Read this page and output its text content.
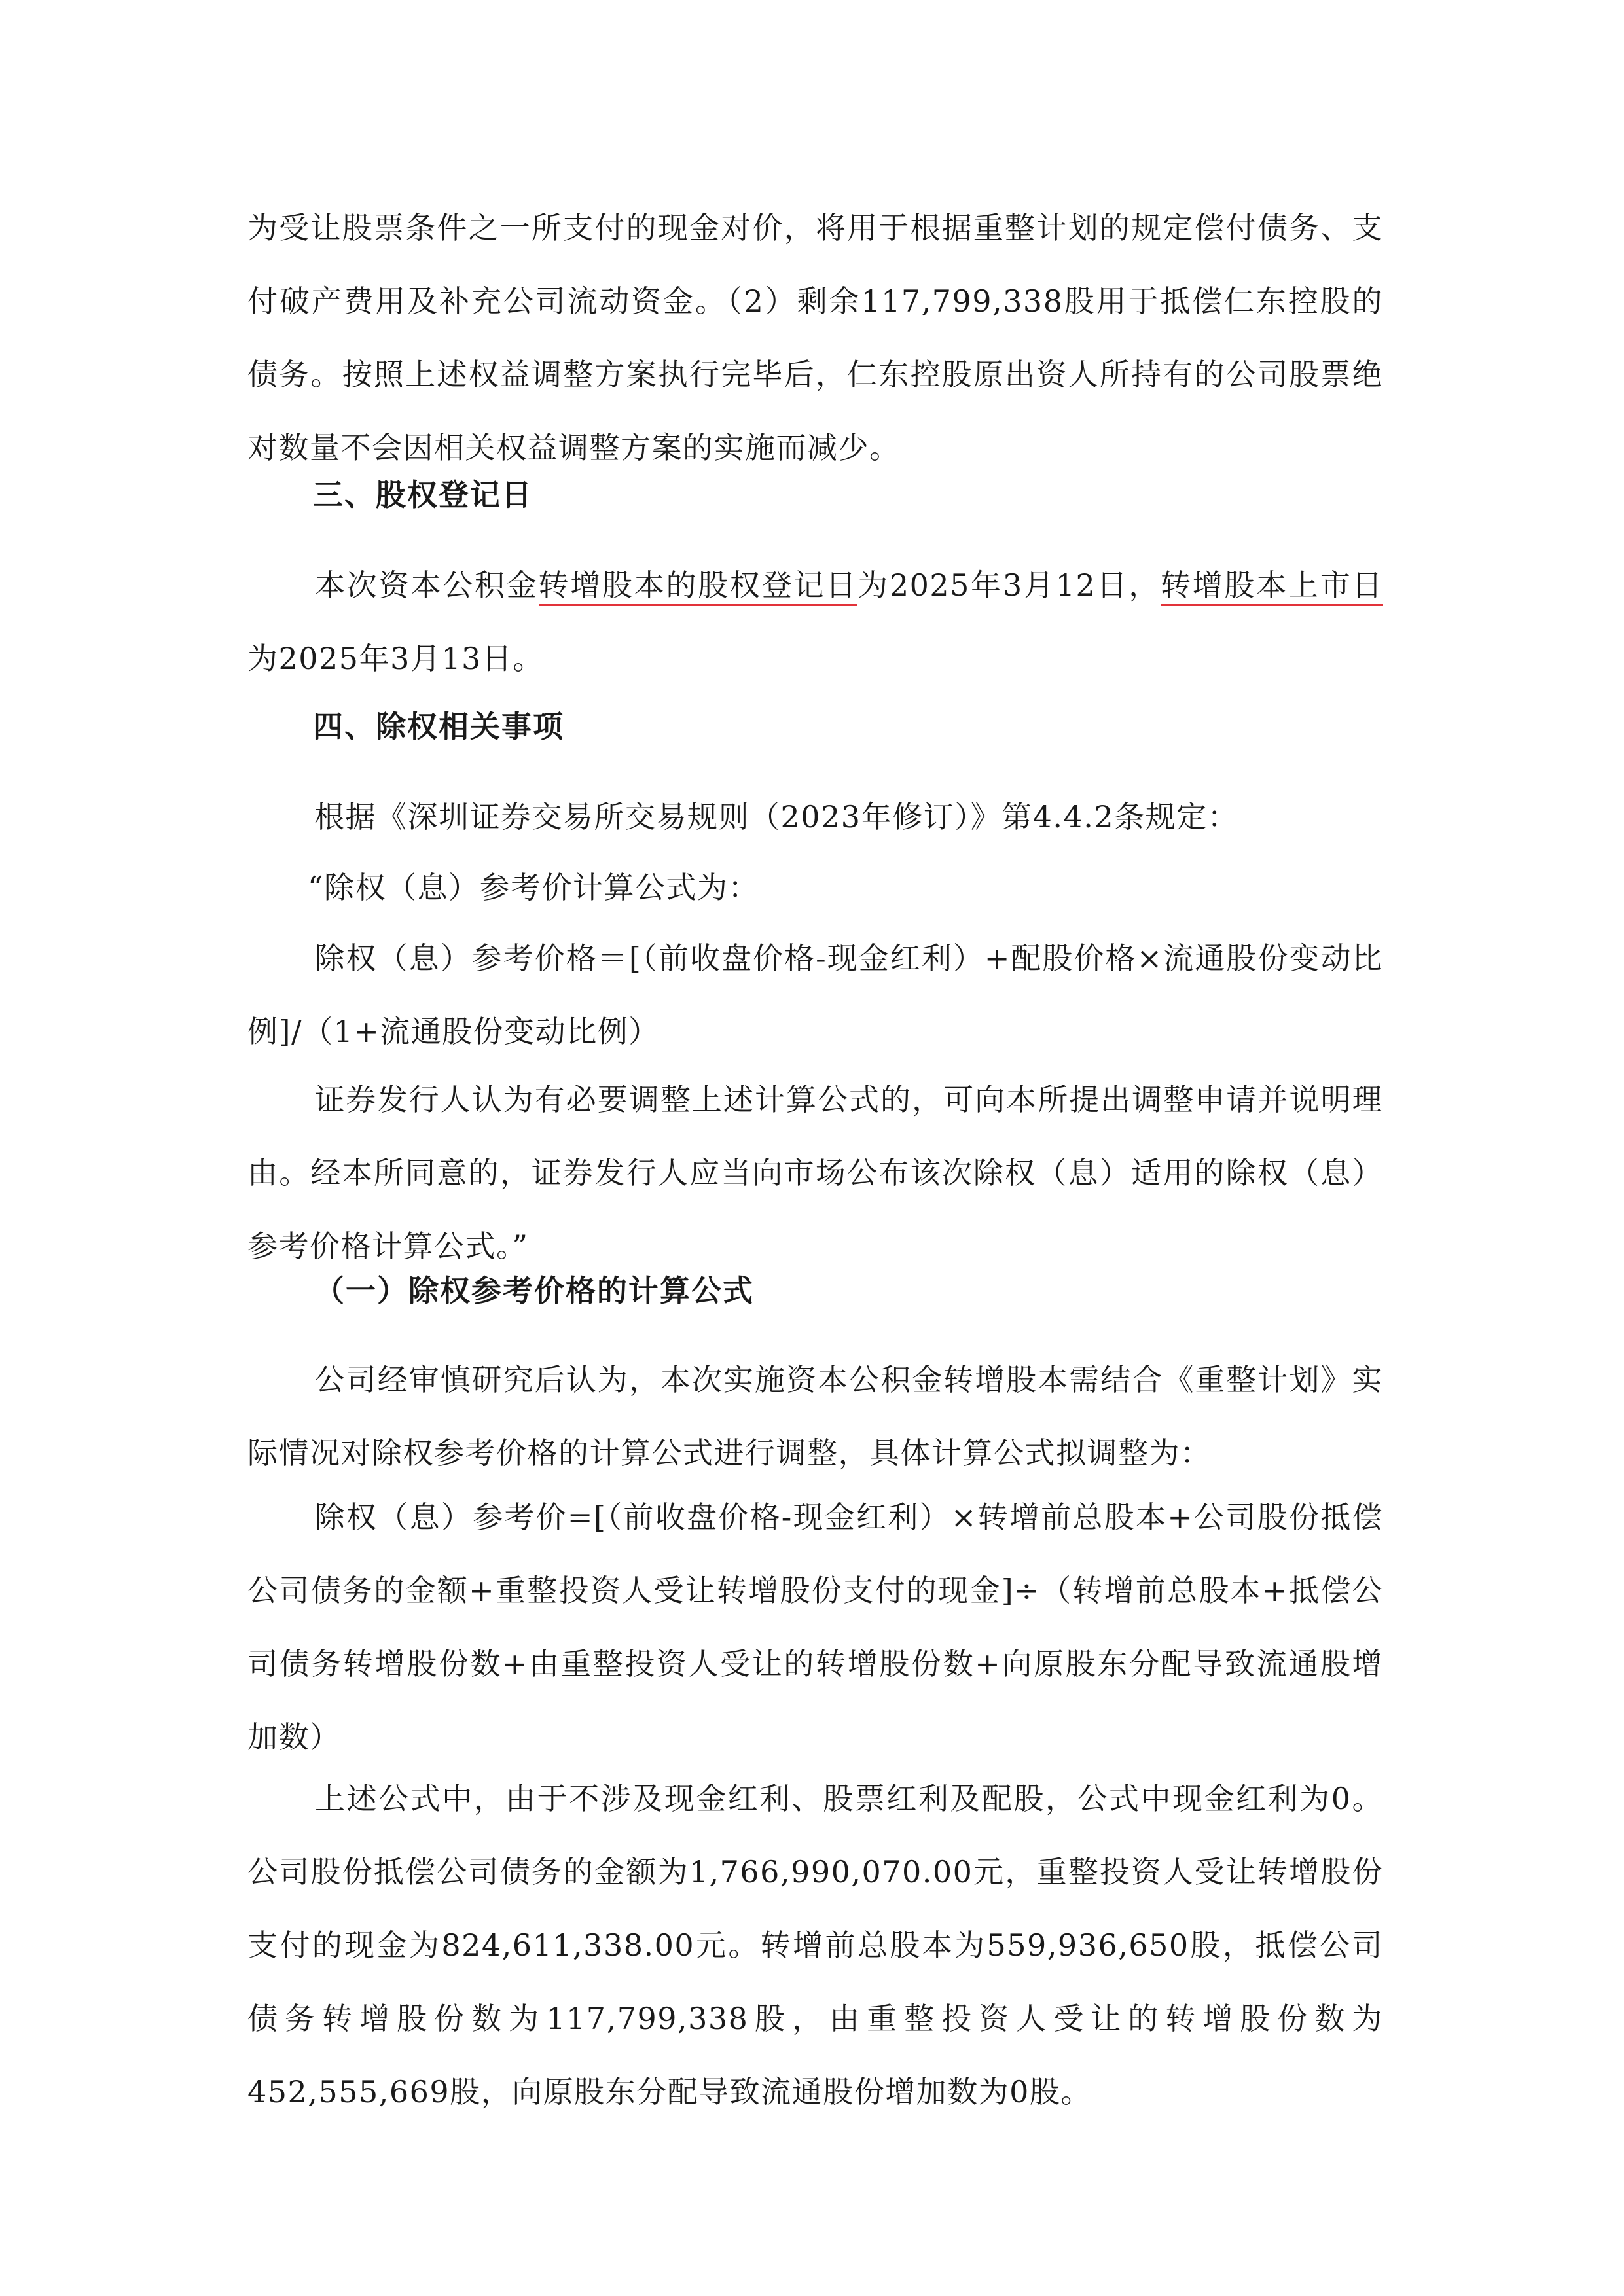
为受让股票条件之一所支付的现金对价，将用于根据重整计划的规定偿付债务、支付破产费用及补充公司流动资金。（2）剩余117,799,338股用于抵偿仁东控股的债务。按照上述权益调整方案执行完毕后，仁东控股原出资人所持有的公司股票绝对数量不会因相关权益调整方案的实施而减少。

三、股权登记日

本次资本公积金转增股本的股权登记日为2025年3月12日，转增股本上市日为2025年3月13日。

四、除权相关事项

根据《深圳证券交易所交易规则（2023年修订）》第4.4.2条规定：

“除权（息）参考价计算公式为：

除权（息）参考价格＝[（前收盘价格-现金红利）+配股价格×流通股份变动比例]/（1+流通股份变动比例）

证券发行人认为有必要调整上述计算公式的，可向本所提出调整申请并说明理由。经本所同意的，证券发行人应当向市场公布该次除权（息）适用的除权（息）参考价格计算公式。”

（一）除权参考价格的计算公式

公司经审慎研究后认为，本次实施资本公积金转增股本需结合《重整计划》实际情况对除权参考价格的计算公式进行调整，具体计算公式拟调整为：

除权（息）参考价=[（前收盘价格-现金红利）×转增前总股本+公司股份抵偿公司债务的金额+重整投资人受让转增股份支付的现金]÷（转增前总股本+抵偿公司债务转增股份数+由重整投资人受让的转增股份数+向原股东分配导致流通股增加数）

上述公式中，由于不涉及现金红利、股票红利及配股，公式中现金红利为0。公司股份抵偿公司债务的金额为1,766,990,070.00元，重整投资人受让转增股份支付的现金为824,611,338.00元。转增前总股本为559,936,650股，抵偿公司债务转增股份数为117,799,338股，由重整投资人受让的转增股份数为452,555,669股，向原股东分配导致流通股份增加数为0股。
